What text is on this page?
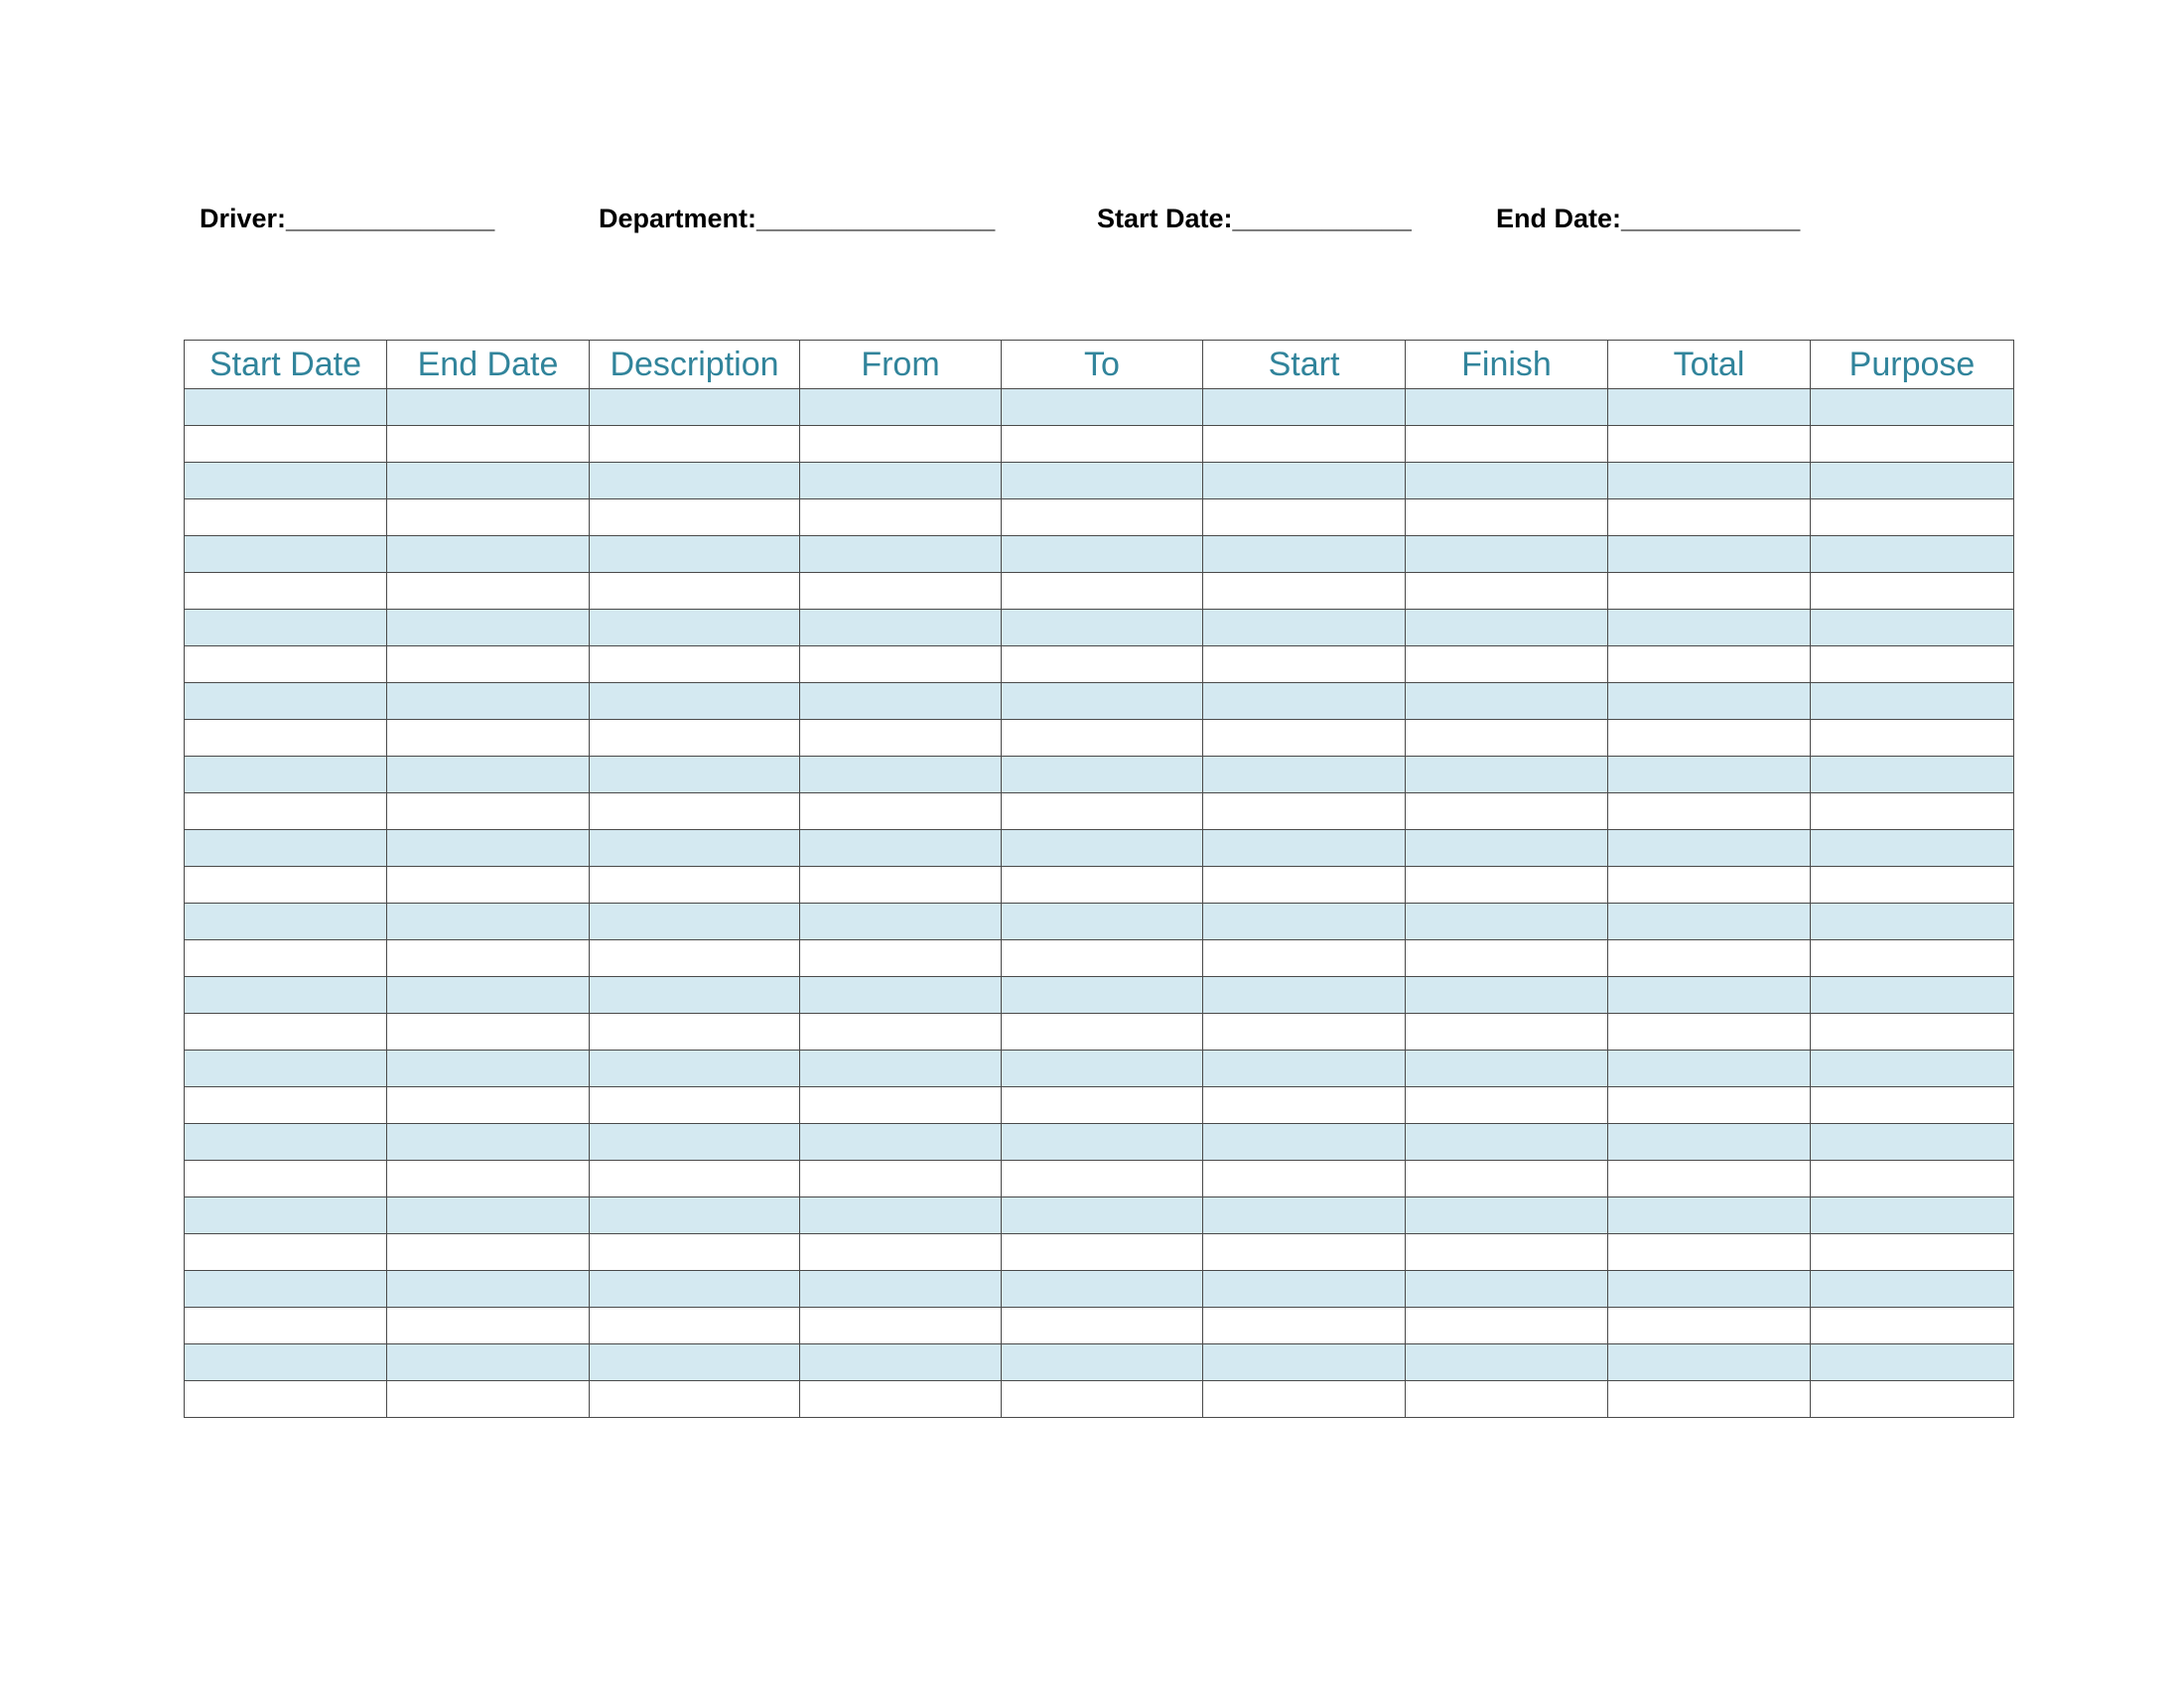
Driver:______________	Department:________________	Start Date:____________	End Date:____________
Start Date	End Date	Description	From	To	Start	Finish	Total	Purpose
